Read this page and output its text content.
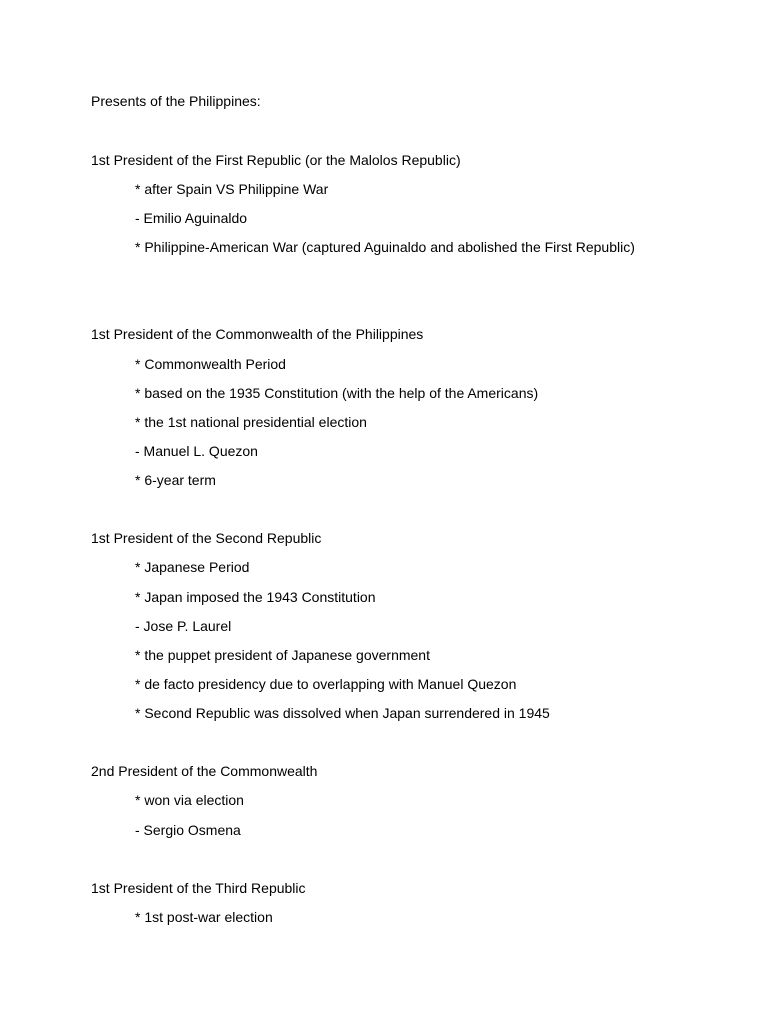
Presents of the Philippines:
1st President of the First Republic (or the Malolos Republic)
* after Spain VS Philippine War
- Emilio Aguinaldo
* Philippine-American War (captured Aguinaldo and abolished the First Republic)
1st President of the Commonwealth of the Philippines
* Commonwealth Period
* based on the 1935 Constitution (with the help of the Americans)
* the 1st national presidential election
- Manuel L. Quezon
* 6-year term
1st President of the Second Republic
* Japanese Period
* Japan imposed the 1943 Constitution
- Jose P. Laurel
* the puppet president of Japanese government
* de facto presidency due to overlapping with Manuel Quezon
* Second Republic was dissolved when Japan surrendered in 1945
2nd President of the Commonwealth
* won via election
- Sergio Osmena
1st President of the Third Republic
* 1st post-war election
